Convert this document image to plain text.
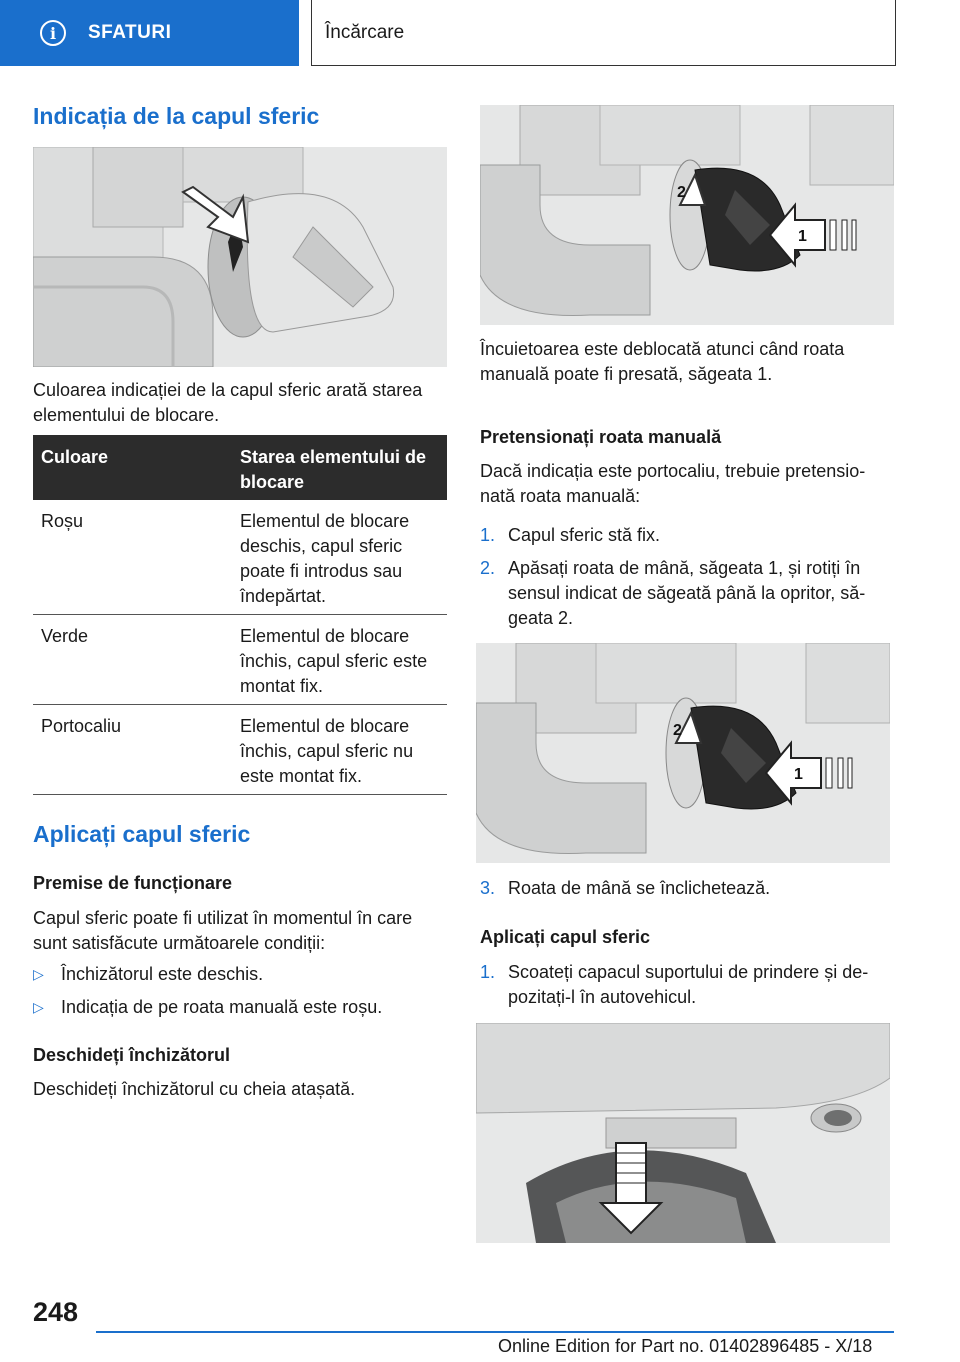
i	SFATURI	Încărcare
Indicația de la capul sferic
Culoarea indicației de la capul sferic arată starea elementului de blocare.
Culoare	Starea elementului de blocare
Roșu	Elementul de blocare deschis, capul sferic poate fi introdus sau îndepărtat.
Verde	Elementul de blocare închis, capul sferic este montat fix.
Portocaliu	Elementul de blocare închis, capul sferic nu este montat fix.
Aplicați capul sferic
Premise de funcționare
Capul sferic poate fi utilizat în momentul în care sunt satisfăcute următoarele condiții:
▷ Închizătorul este deschis.
▷ Indicația de pe roata manuală este roșu.
Deschideți închizătorul
Deschideți închizătorul cu cheia atașată.
2
1
Încuietoarea este deblocată atunci când roata manuală poate fi presată, săgeata 1.
Pretensionați roata manuală
Dacă indicația este portocaliu, trebuie pretensio‐ nată roata manuală:
1. Capul sferic stă fix.
2. Apăsați roata de mână, săgeata 1, și rotiți în sensul indicat de săgeată până la opritor, să‐ geata 2.
2
1
3. Roata de mână se înclichetează.
Aplicați capul sferic
1. Scoateți capacul suportului de prindere și de‐ pozitați-l în autovehicul.
248
Online Edition for Part no. 01402896485 - X/18
